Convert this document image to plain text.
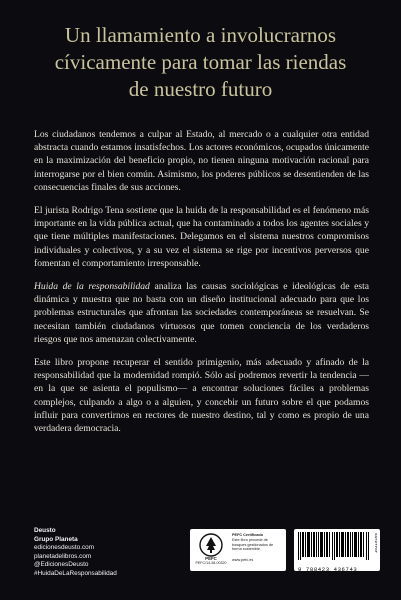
Un llamamiento a involucrarnos
cívicamente para tomar las riendas
de nuestro futuro

Los ciudadanos tendemos a culpar al Estado, al mercado o a cualquier otra entidad abstracta cuando estamos insatisfechos. Los actores económicos, ocupados únicamente en la maximización del beneficio propio, no tienen ninguna motivación racional para interrogarse por el bien común. Asimismo, los poderes públicos se desentienden de las consecuencias finales de sus acciones.

El jurista Rodrigo Tena sostiene que la huida de la responsabilidad es el fenómeno más importante en la vida pública actual, que ha contaminado a todos los agentes sociales y que tiene múltiples manifestaciones. Delegamos en el sistema nuestros compromisos individuales y colectivos, y a su vez el sistema se rige por incentivos perversos que fomentan el comportamiento irresponsable.

Huida de la responsabilidad analiza las causas sociológicas e ideológicas de esta dinámica y muestra que no basta con un diseño institucional adecuado para que los problemas estructurales que afrontan las sociedades contemporáneas se resuelvan. Se necesitan también ciudadanos virtuosos que tomen conciencia de los verdaderos riesgos que nos amenazan colectivamente.

Este libro propone recuperar el sentido primigenio, más adecuado y afinado de la responsabilidad que la modernidad rompió. Sólo así podremos revertir la tendencia —en la que se asienta el populismo— a encontrar soluciones fáciles a problemas complejos, culpando a algo o a alguien, y concebir un futuro sobre el que podamos influir para convertirnos en rectores de nuestro destino, tal y como es propio de una verdadera democracia.

Deusto
Grupo Planeta
edicionesdeusto.com
planetadelibros.com
@EdicionesDeusto
#HuidaDeLaResponsabilidad
PEFC
PEFC/14-38-00320
PEFC Certificado
Este libro procede de bosques gestionados de forma sostenible
www.pefc.es
9 788423 436743
10318166
